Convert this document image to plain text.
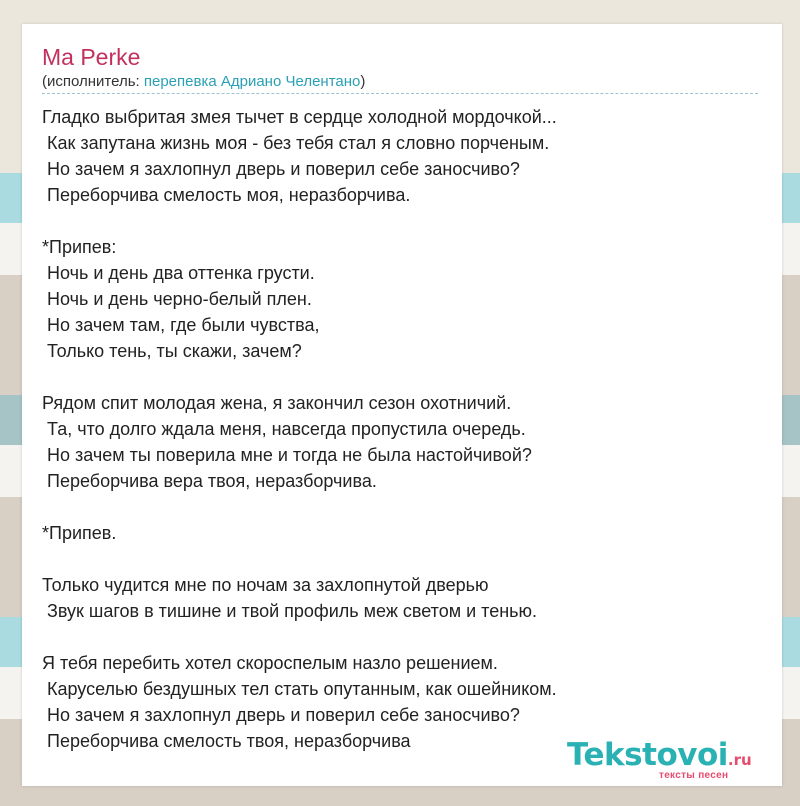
Ma Perke
(исполнитель: перепевка Адриано Челентано)
Гладко выбритая змея тычет в сердце холодной мордочкой...
Как запутана жизнь моя - без тебя стал я словно порченым.
Но зачем я захлопнул дверь и поверил себе заносчиво?
Переборчива смелость моя, неразборчива.
*Припев:
Ночь и день два оттенка грусти.
Ночь и день черно-белый плен.
Но зачем там, где были чувства,
Только тень, ты скажи, зачем?
Рядом спит молодая жена, я закончил сезон охотничий.
Та, что долго ждала меня, навсегда пропустила очередь.
Но зачем ты поверила мне и тогда не была настойчивой?
Переборчива вера твоя, неразборчива.
*Припев.
Только чудится мне по ночам за захлопнутой дверью
Звук шагов в тишине и твой профиль меж светом и тенью.
Я тебя перебить хотел скороспелым назло решением.
Каруселью бездушных тел стать опутанным, как ошейником.
Но зачем я захлопнул дверь и поверил себе заносчиво?
Переборчива смелость твоя, неразборчива	Tekstovoi.ru
тексты песен
